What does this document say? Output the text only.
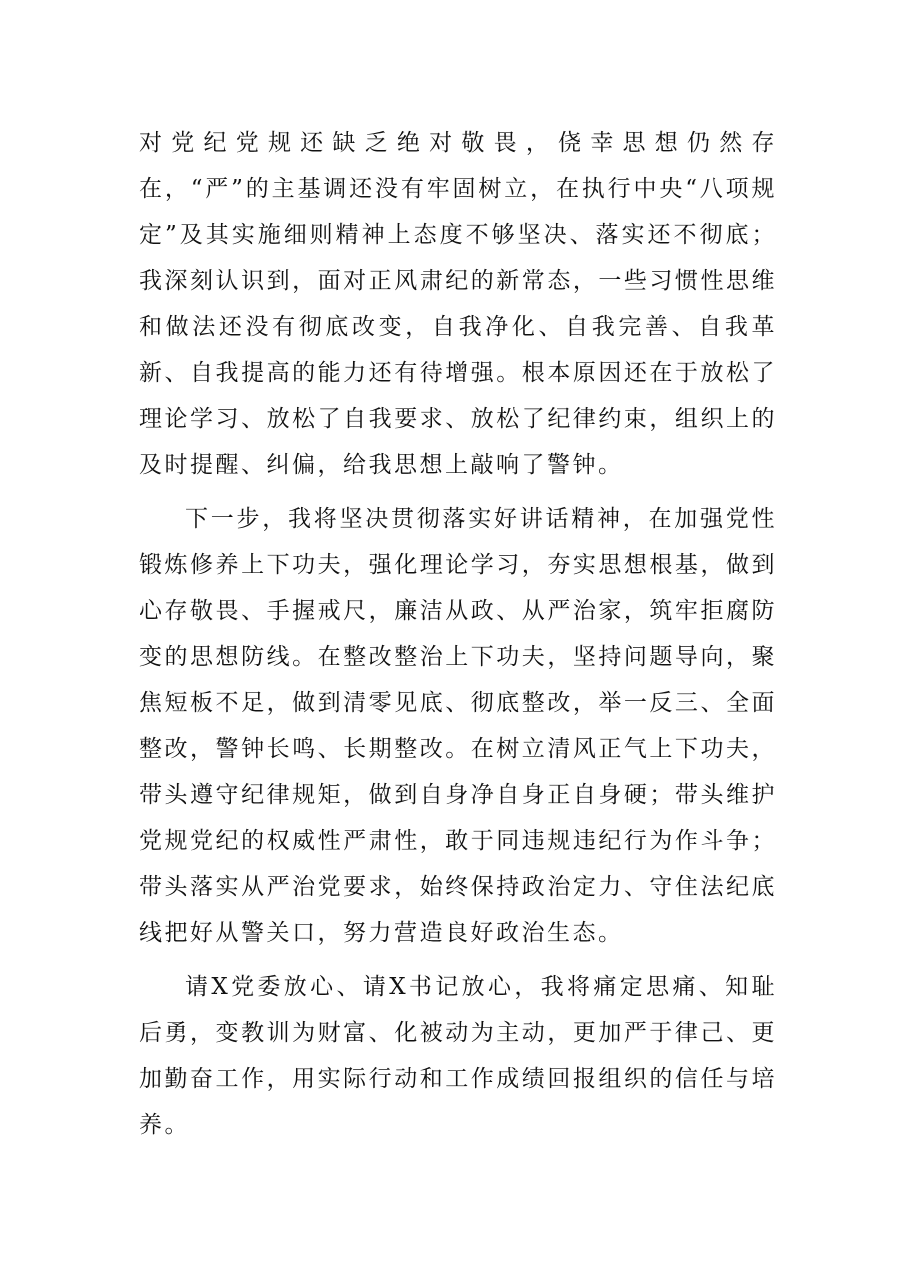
对党纪党规还缺乏绝对敬畏，侥幸思想仍然存在，“严”的主基调还没有牢固树立，在执行中央“八项规定”及其实施细则精神上态度不够坚决、落实还不彻底；我深刻认识到，面对正风肃纪的新常态，一些习惯性思维和做法还没有彻底改变，自我净化、自我完善、自我革新、自我提高的能力还有待增强。根本原因还在于放松了理论学习、放松了自我要求、放松了纪律约束，组织上的及时提醒、纠偏，给我思想上敲响了警钟。

下一步，我将坚决贯彻落实好讲话精神，在加强党性锻炼修养上下功夫，强化理论学习，夯实思想根基，做到心存敬畏、手握戒尺，廉洁从政、从严治家，筑牢拒腐防变的思想防线。在整改整治上下功夫，坚持问题导向，聚焦短板不足，做到清零见底、彻底整改，举一反三、全面整改，警钟长鸣、长期整改。在树立清风正气上下功夫，带头遵守纪律规矩，做到自身净自身正自身硬；带头维护党规党纪的权威性严肃性，敢于同违规违纪行为作斗争；带头落实从严治党要求，始终保持政治定力、守住法纪底线把好从警关口，努力营造良好政治生态。

请X党委放心、请X书记放心，我将痛定思痛、知耻后勇，变教训为财富、化被动为主动，更加严于律己、更加勤奋工作，用实际行动和工作成绩回报组织的信任与培养。
